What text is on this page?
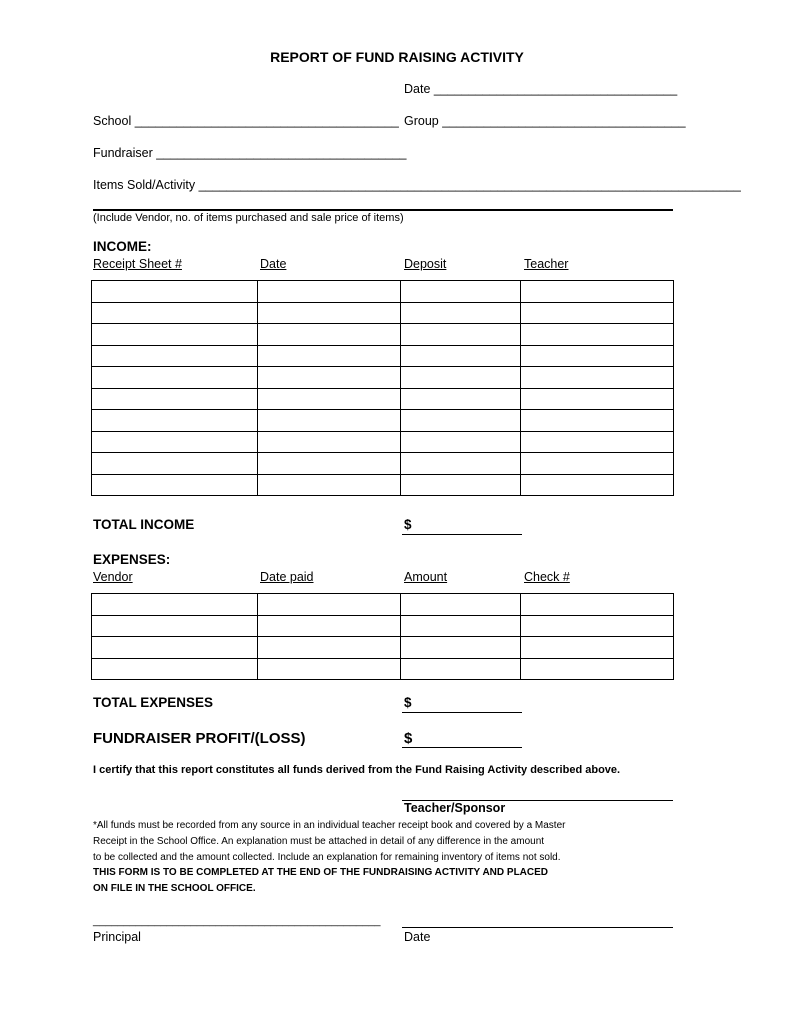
REPORT OF FUND RAISING ACTIVITY
Date ___________________________________
School ______________________________________ Group ___________________________________
Fundraiser ____________________________________
Items Sold/Activity ______________________________________________________________________________
(Include Vendor, no. of items purchased and sale price of items)
INCOME:
Receipt Sheet #	Date	Deposit	Teacher

TOTAL INCOME	$
EXPENSES:
Vendor	Date paid	Amount	Check #

TOTAL EXPENSES	$
FUNDRAISER PROFIT/(LOSS)	$
I certify that this report constitutes all funds derived from the Fund Raising Activity described above.
Teacher/Sponsor
*All funds must be recorded from any source in an individual teacher receipt book and covered by a Master
Receipt in the School Office. An explanation must be attached in detail of any difference in the amount
to be collected and the amount collected. Include an explanation for remaining inventory of items not sold.
THIS FORM IS TO BE COMPLETED AT THE END OF THE FUNDRAISING ACTIVITY AND PLACED
ON FILE IN THE SCHOOL OFFICE.
_______________________________________________
Principal	Date
